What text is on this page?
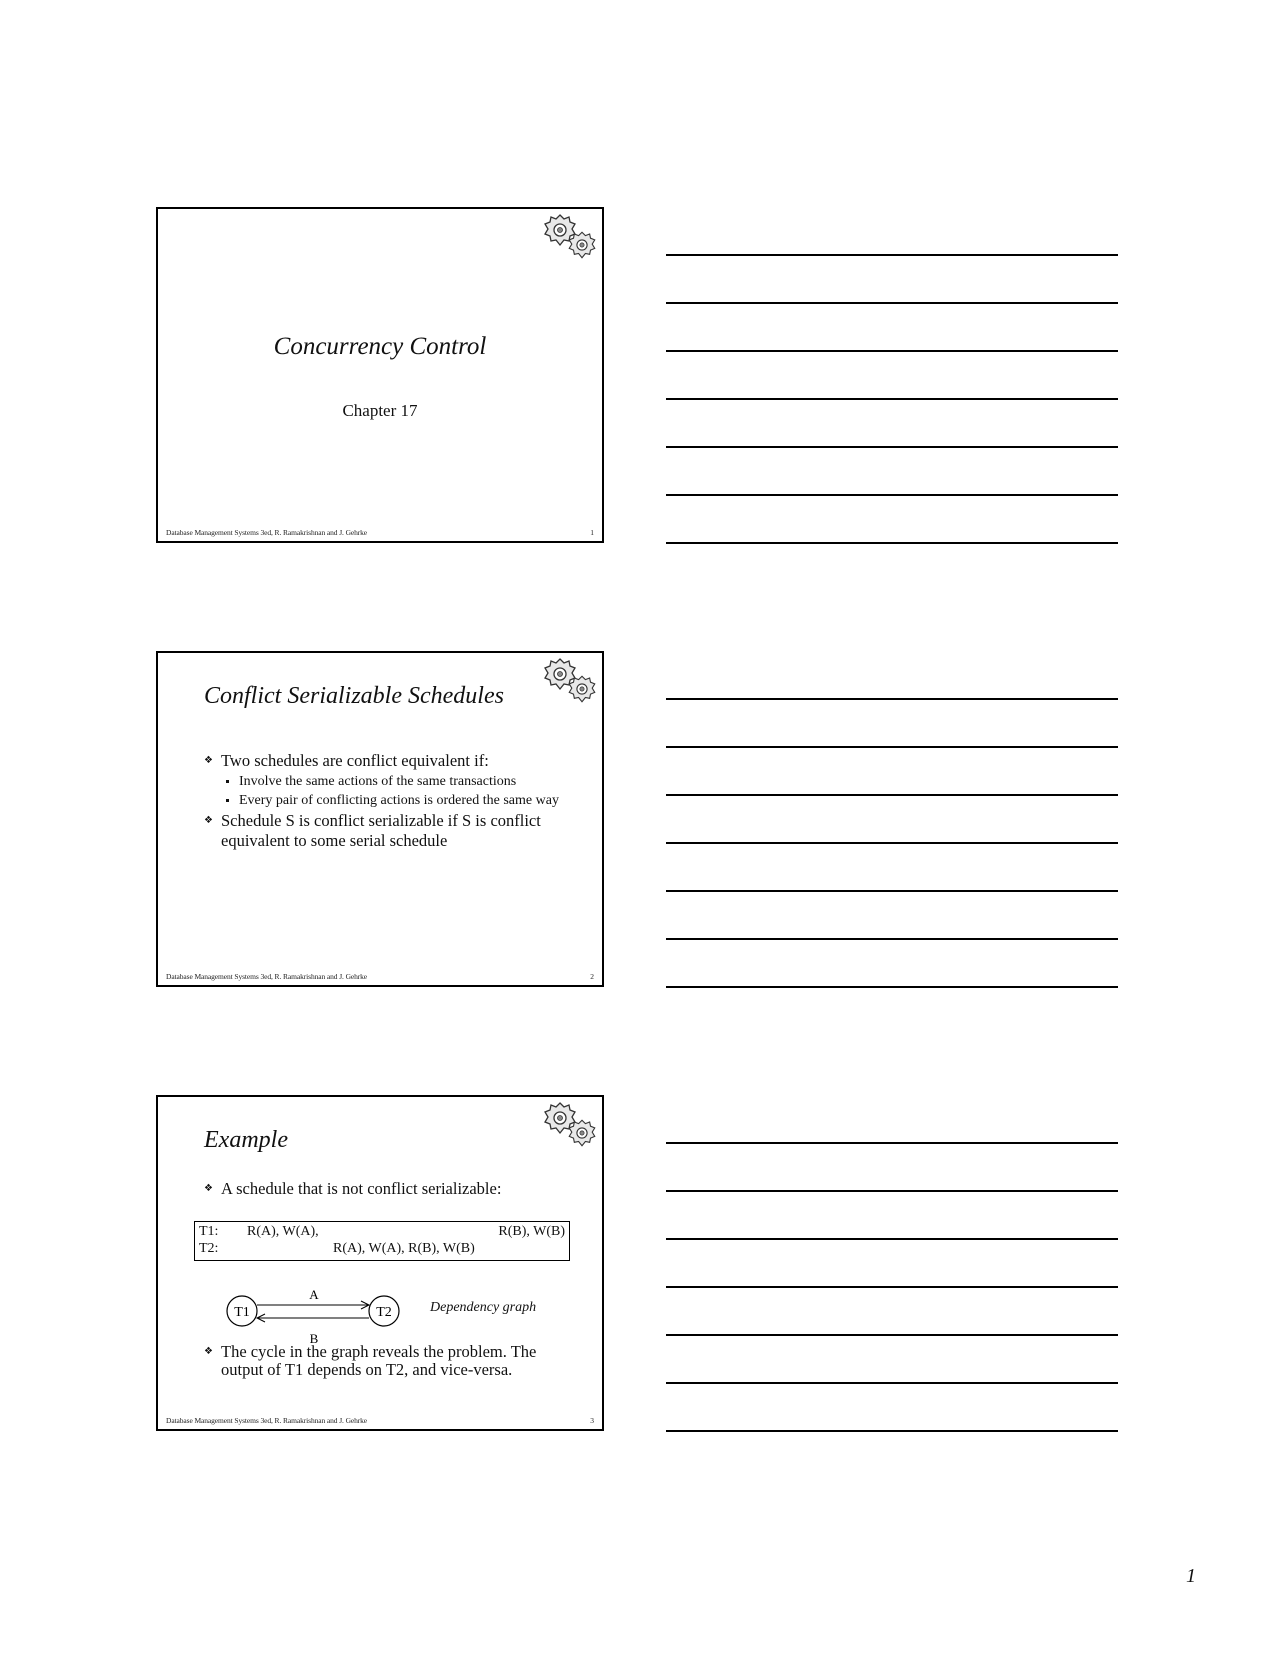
Concurrency Control
Chapter 17
Database Management Systems 3ed, R. Ramakrishnan and J. Gehrke	1
Conflict Serializable Schedules
❖ Two schedules are conflict equivalent if:
Involve the same actions of the same transactions
Every pair of conflicting actions is ordered the same way
❖ Schedule S is conflict serializable if S is conflict equivalent to some serial schedule
Database Management Systems 3ed, R. Ramakrishnan and J. Gehrke	2
Example
❖ A schedule that is not conflict serializable:
T1: R(A), W(A),	R(B), W(B)
T2:	R(A), W(A), R(B), W(B)
T1	T2
A
B
Dependency graph
❖ The cycle in the graph reveals the problem. The output of T1 depends on T2, and vice-versa.
Database Management Systems 3ed, R. Ramakrishnan and J. Gehrke	3
1
